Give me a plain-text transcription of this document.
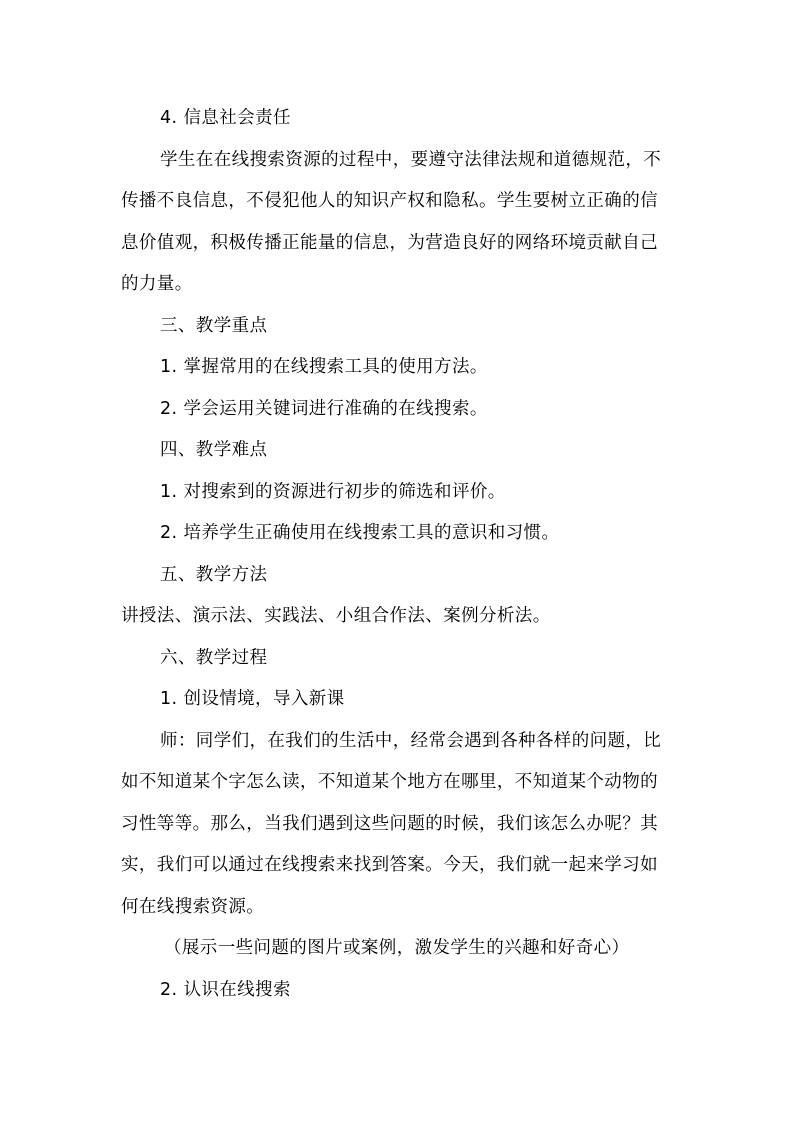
4. 信息社会责任
学生在在线搜索资源的过程中，要遵守法律法规和道德规范，不
传播不良信息，不侵犯他人的知识产权和隐私。学生要树立正确的信
息价值观，积极传播正能量的信息，为营造良好的网络环境贡献自己
的力量。
三、教学重点
1. 掌握常用的在线搜索工具的使用方法。
2. 学会运用关键词进行准确的在线搜索。
四、教学难点
1. 对搜索到的资源进行初步的筛选和评价。
2. 培养学生正确使用在线搜索工具的意识和习惯。
五、教学方法
讲授法、演示法、实践法、小组合作法、案例分析法。
六、教学过程
1. 创设情境，导入新课
师：同学们，在我们的生活中，经常会遇到各种各样的问题，比
如不知道某个字怎么读，不知道某个地方在哪里，不知道某个动物的
习性等等。那么，当我们遇到这些问题的时候，我们该怎么办呢？其
实，我们可以通过在线搜索来找到答案。今天，我们就一起来学习如
何在线搜索资源。
（展示一些问题的图片或案例，激发学生的兴趣和好奇心）
2. 认识在线搜索
